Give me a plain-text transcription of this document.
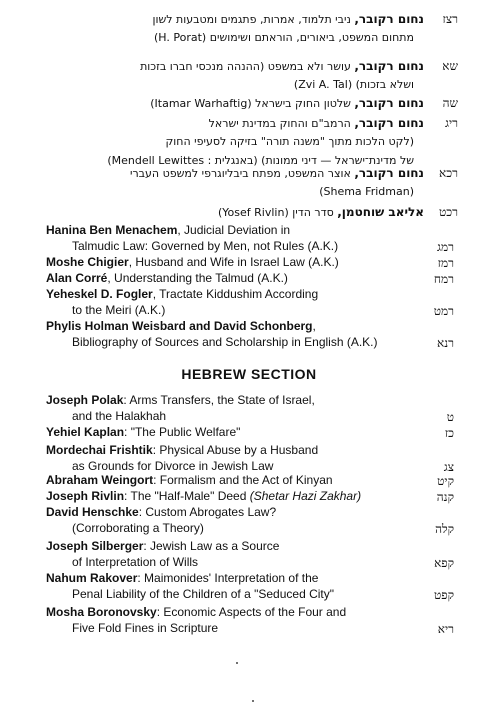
רצז
נחום רקובר, ניבי תלמוד, אמרות, פתגמים ומטבעות לשון
מתחום המשפט, ביאורים, הוראתם ושימושים (H. Porat)
שא
נחום רקובר, עושר ולא במשפט (ההנהה מנכסי חברו בזכות
ושלא בזכות) (Zvi A. Tal)
שה
נחום רקובר, שלטון החוק בישראל (Itamar Warhaftig)
ריג
נחום רקובר, הרמב"ם והחוק במדינת ישראל
(לקט הלכות מתוך "משנה תורה" בזיקה לסעיפי החוק
של מדינת־ישראל — דיני ממונות) (באנגלית : Mendell Lewittes)
רכא
נחום רקובר, אוצר המשפט, מפתח ביבליוגרפי למשפט העברי
(Shema Fridman)
רכט
אליאב שוחטמן, סדר הדין (Yosef Rivlin)
Hanina Ben Menachem, Judicial Deviation in
Talmudic Law: Governed by Men, not Rules (A.K.)	רמג
Moshe Chigier, Husband and Wife in Israel Law (A.K.)	רמז
Alan Corré, Understanding the Talmud (A.K.)	רמח
Yeheskel D. Fogler, Tractate Kiddushim According
to the Meiri (A.K.)	רמט
Phylis Holman Weisbard and David Schonberg,
Bibliography of Sources and Scholarship in English (A.K.)	רנא
HEBREW SECTION
Joseph Polak: Arms Transfers, the State of Israel,
and the Halakhah	ט
Yehiel Kaplan: "The Public Welfare"	כז
Mordechai Frishtik: Physical Abuse by a Husband
as Grounds for Divorce in Jewish Law	צג
Abraham Weingort: Formalism and the Act of Kinyan	קיט
Joseph Rivlin: The "Half-Male" Deed (Shetar Hazi Zakhar)	קנה
David Henschke: Custom Abrogates Law?
(Corroborating a Theory)	קלה
Joseph Silberger: Jewish Law as a Source
of Interpretation of Wills	קפא
Nahum Rakover: Maimonides' Interpretation of the
Penal Liability of the Children of a "Seduced City"	קפט
Mosha Boronovsky: Economic Aspects of the Four and
Five Fold Fines in Scripture	ריא
